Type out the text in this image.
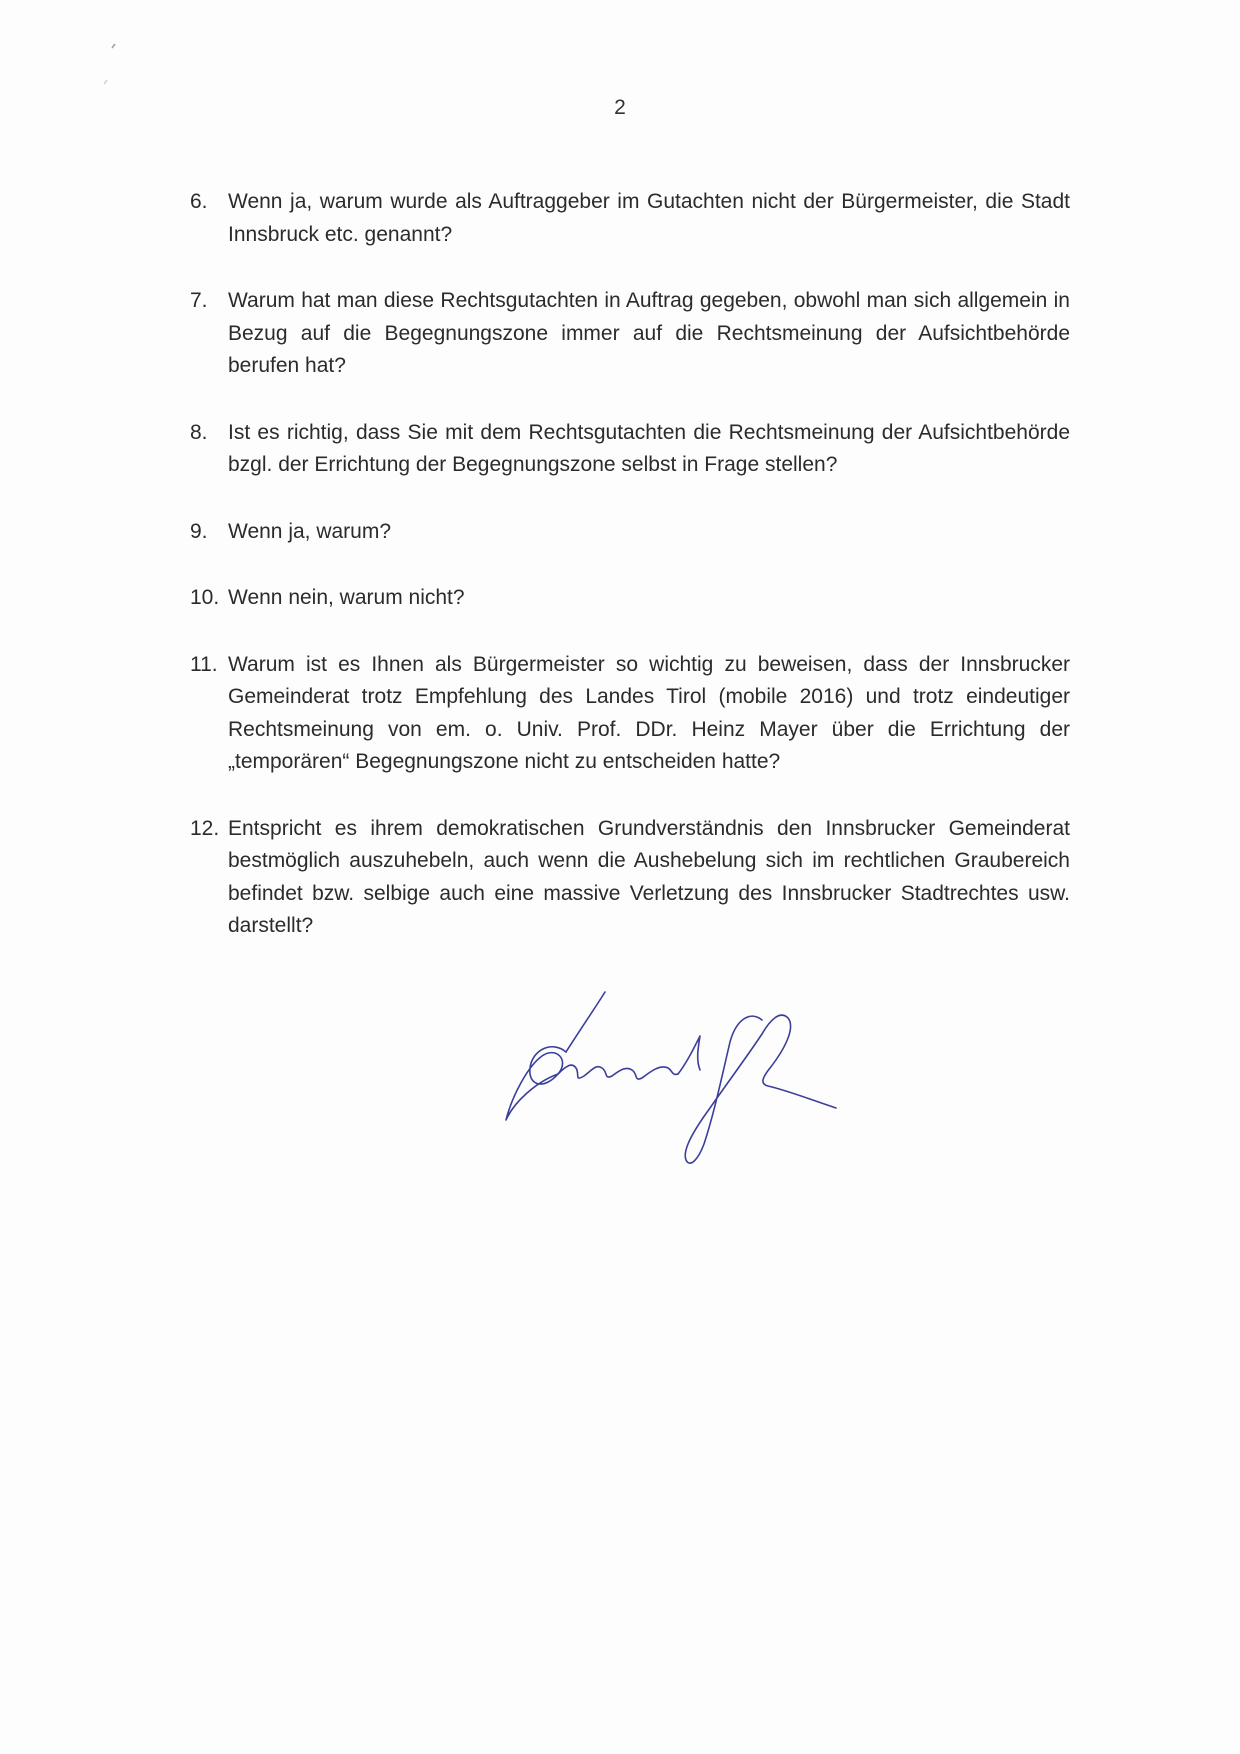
2
6. Wenn ja, warum wurde als Auftraggeber im Gutachten nicht der Bürgermeister, die Stadt Innsbruck etc. genannt?
7. Warum hat man diese Rechtsgutachten in Auftrag gegeben, obwohl man sich allgemein in Bezug auf die Begegnungszone immer auf die Rechtsmeinung der Aufsichtbehörde berufen hat?
8. Ist es richtig, dass Sie mit dem Rechtsgutachten die Rechtsmeinung der Aufsichtbehörde bzgl. der Errichtung der Begegnungszone selbst in Frage stellen?
9. Wenn ja, warum?
10. Wenn nein, warum nicht?
11. Warum ist es Ihnen als Bürgermeister so wichtig zu beweisen, dass der Innsbrucker Gemeinderat trotz Empfehlung des Landes Tirol (mobile 2016) und trotz eindeutiger Rechtsmeinung von em. o. Univ. Prof. DDr. Heinz Mayer über die Errichtung der „temporären“ Begegnungszone nicht zu entscheiden hatte?
12. Entspricht es ihrem demokratischen Grundverständnis den Innsbrucker Gemeinderat bestmöglich auszuhebeln, auch wenn die Aushebelung sich im rechtlichen Graubereich befindet bzw. selbige auch eine massive Verletzung des Innsbrucker Stadtrechtes usw. darstellt?
